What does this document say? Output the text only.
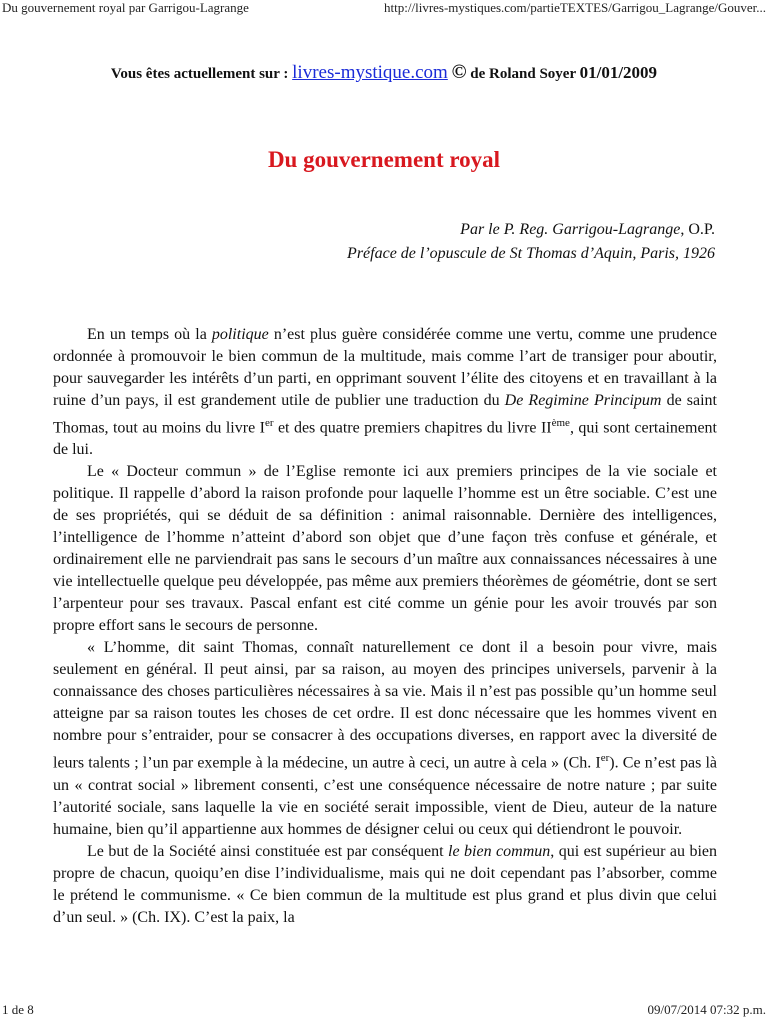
Du gouvernement royal par Garrigou-Lagrange	http://livres-mystiques.com/partieTEXTES/Garrigou_Lagrange/Gouver...
Vous êtes actuellement sur : livres-mystique.com © de Roland Soyer 01/01/2009
Du gouvernement royal
Par le P. Reg. Garrigou-Lagrange, O.P.
Préface de l’opuscule de St Thomas d’Aquin, Paris, 1926

En un temps où la politique n’est plus guère considérée comme une vertu, comme une prudence ordonnée à promouvoir le bien commun de la multitude, mais comme l’art de transiger pour aboutir, pour sauvegarder les intérêts d’un parti, en opprimant souvent l’élite des citoyens et en travaillant à la ruine d’un pays, il est grandement utile de publier une traduction du De Regimine Principum de saint Thomas, tout au moins du livre Ier et des quatre premiers chapitres du livre IIème, qui sont certainement de lui.

Le « Docteur commun » de l’Eglise remonte ici aux premiers principes de la vie sociale et politique. Il rappelle d’abord la raison profonde pour laquelle l’homme est un être sociable. C’est une de ses propriétés, qui se déduit de sa définition : animal raisonnable. Dernière des intelligences, l’intelligence de l’homme n’atteint d’abord son objet que d’une façon très confuse et générale, et ordinairement elle ne parviendrait pas sans le secours d’un maître aux connaissances nécessaires à une vie intellectuelle quelque peu développée, pas même aux premiers théorèmes de géométrie, dont se sert l’arpenteur pour ses travaux. Pascal enfant est cité comme un génie pour les avoir trouvés par son propre effort sans le secours de personne.

« L’homme, dit saint Thomas, connaît naturellement ce dont il a besoin pour vivre, mais seulement en général. Il peut ainsi, par sa raison, au moyen des principes universels, parvenir à la connaissance des choses particulières nécessaires à sa vie. Mais il n’est pas possible qu’un homme seul atteigne par sa raison toutes les choses de cet ordre. Il est donc nécessaire que les hommes vivent en nombre pour s’entraider, pour se consacrer à des occupations diverses, en rapport avec la diversité de leurs talents ; l’un par exemple à la médecine, un autre à ceci, un autre à cela » (Ch. Ier). Ce n’est pas là un « contrat social » librement consenti, c’est une conséquence nécessaire de notre nature ; par suite l’autorité sociale, sans laquelle la vie en société serait impossible, vient de Dieu, auteur de la nature humaine, bien qu’il appartienne aux hommes de désigner celui ou ceux qui détiendront le pouvoir.

Le but de la Société ainsi constituée est par conséquent le bien commun, qui est supérieur au bien propre de chacun, quoiqu’en dise l’individualisme, mais qui ne doit cependant pas l’absorber, comme le prétend le communisme. « Ce bien commun de la multitude est plus grand et plus divin que celui d’un seul. » (Ch. IX). C’est la paix, la

1 de 8	09/07/2014 07:32 p.m.
